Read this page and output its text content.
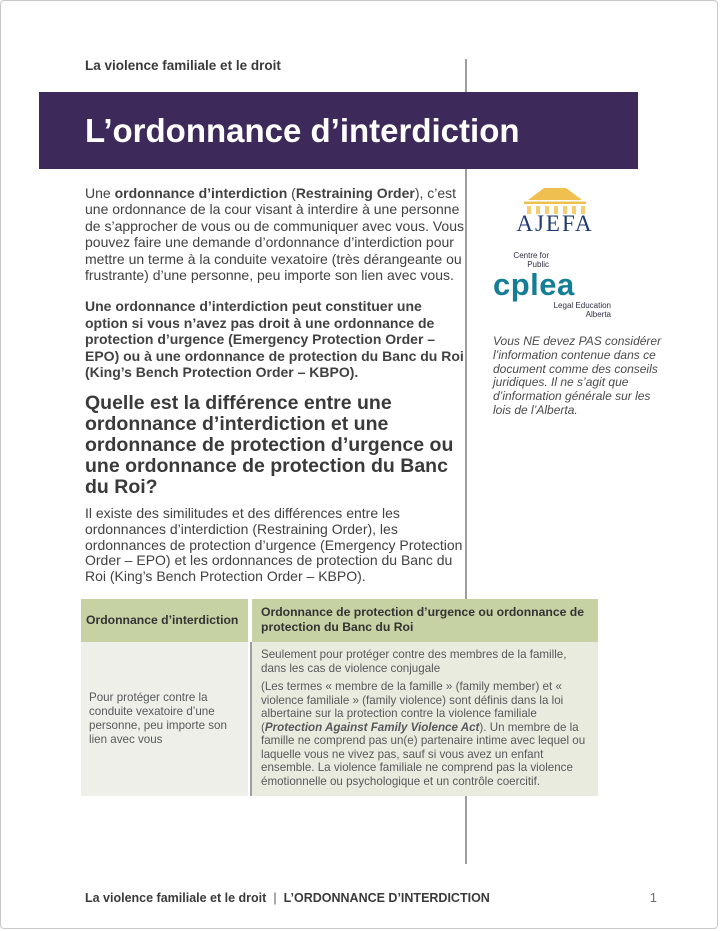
La violence familiale et le droit
L’ordonnance d’interdiction

Une ordonnance d’interdiction (Restraining Order), c’est une ordonnance de la cour visant à interdire à une personne de s’approcher de vous ou de communiquer avec vous. Vous pouvez faire une demande d’ordonnance d’interdiction pour mettre un terme à la conduite vexatoire (très dérangeante ou frustrante) d’une personne, peu importe son lien avec vous.

Une ordonnance d’interdiction peut constituer une option si vous n’avez pas droit à une ordonnance de protection d’urgence (Emergency Protection Order – EPO) ou à une ordonnance de protection du Banc du Roi (King’s Bench Protection Order – KBPO).

Quelle est la différence entre une ordonnance d’interdiction et une ordonnance de protection d’urgence ou une ordonnance de protection du Banc du Roi?

Il existe des similitudes et des différences entre les ordonnances d’interdiction (Restraining Order), les ordonnances de protection d’urgence (Emergency Protection Order – EPO) et les ordonnances de protection du Banc du Roi (King’s Bench Protection Order – KBPO).

AJEFA
Centre for
Public
cplea
Legal Education
Alberta

Vous NE devez PAS considérer l’information contenue dans ce document comme des conseils juridiques. Il ne s’agit que d’information générale sur les lois de l’Alberta.

Ordonnance d’interdiction
Ordonnance de protection d’urgence ou ordonnance de protection du Banc du Roi
Pour protéger contre la conduite vexatoire d’une personne, peu importe son lien avec vous

Seulement pour protéger contre des membres de la famille, dans les cas de violence conjugale

(Les termes « membre de la famille » (family member) et « violence familiale » (family violence) sont définis dans la loi albertaine sur la protection contre la violence familiale (Protection Against Family Violence Act). Un membre de la famille ne comprend pas un(e) partenaire intime avec lequel ou laquelle vous ne vivez pas, sauf si vous avez un enfant ensemble. La violence familiale ne comprend pas la violence émotionnelle ou psychologique et un contrôle coercitif.

La violence familiale et le droit | L’ORDONNANCE D’INTERDICTION	1
